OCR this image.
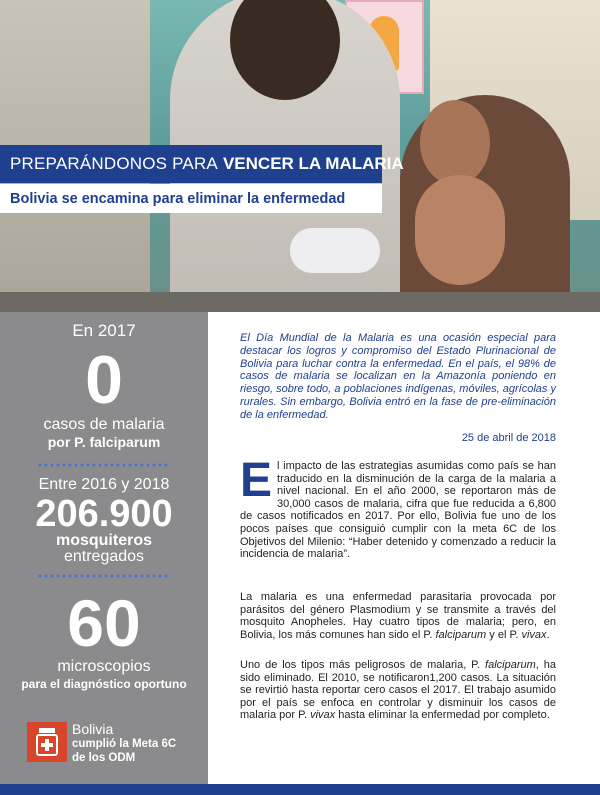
PREPARÁNDONOS PARA VENCER LA MALARIA
Bolivia se encamina para eliminar la enfermedad
En 2017
0
casos de malaria
por P. falciparum
Entre 2016 y 2018
206.900
mosquiteros
entregados
60
microscopios
para el diagnóstico oportuno
Bolivia
cumplió la Meta 6C
de los ODM
El Día Mundial de la Malaria es una ocasión especial para destacar los logros y compromiso del Estado Plurinacional de Bolivia para luchar contra la enfermedad. En el país, el 98% de casos de malaria se localizan en la Amazonía poniendo en riesgo, sobre todo, a poblaciones indígenas, móviles, agrícolas y rurales. Sin embargo, Bolivia entró en la fase de pre-eliminación de la enfermedad.
25 de abril de 2018
El impacto de las estrategias asumidas como país se han traducido en la disminución de la carga de la malaria a nivel nacional. En el año 2000, se reportaron más de 30,000 casos de malaria, cifra que fue reducida a 6,800 de casos notificados en 2017. Por ello, Bolivia fue uno de los pocos países que consiguió cumplir con la meta 6C de los Objetivos del Milenio: “Haber detenido y comenzado a reducir la incidencia de malaria”.
La malaria es una enfermedad parasitaria provocada por parásitos del género Plasmodium y se transmite a través del mosquito Anopheles. Hay cuatro tipos de malaria; pero, en Bolivia, los más comunes han sido el P. falciparum y el P. vivax.
Uno de los tipos más peligrosos de malaria, P. falciparum, ha sido eliminado. El 2010, se notificaron1,200 casos. La situación se revirtió hasta reportar cero casos el 2017. El trabajo asumido por el país se enfoca en controlar y disminuir los casos de malaria por P. vivax hasta eliminar la enfermedad por completo.
